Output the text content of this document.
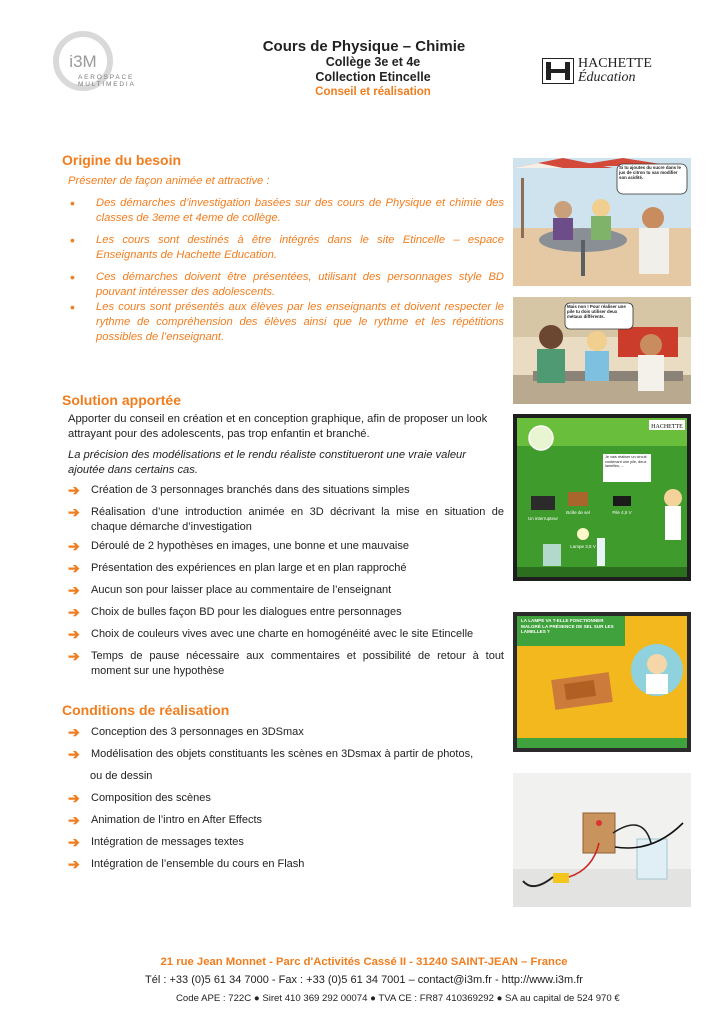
i3M
AEROSPACE
MULTIMEDIA
Cours de Physique – Chimie
Collège 3e et 4e
Collection Etincelle
Conseil et réalisation
HACHETTE
Éducation
Origine du besoin
Présenter de façon animée et attractive :
• Des démarches d’investigation basées sur des cours de Physique et chimie des classes de 3eme et 4eme de collège.
• Les cours sont destinés à être intégrés dans le site Etincelle – espace Enseignants de Hachette Education.
• Ces démarches doivent être présentées, utilisant des personnages style BD pouvant intéresser des adolescents.
• Les cours sont présentés aux élèves par les enseignants et doivent respecter le rythme de compréhension des élèves ainsi que le rythme et les répétitions possibles de l’enseignant.
Si tu ajoutes du sucre dans le jus de citron tu vas modifier son acidité.
Mais non ! Pour réaliser une pile tu dois utiliser deux métaux différents.
Solution apportée
Apporter du conseil en création et en conception graphique, afin de proposer un look attrayant pour des adolescents, pas trop enfantin et branché.
La précision des modélisations et le rendu réaliste constitueront une vraie valeur ajoutée dans certains cas.
➔ Création de 3 personnages branchés dans des situations simples
➔ Réalisation d’une introduction animée en 3D décrivant la mise en situation de chaque démarche d’investigation
➔ Déroulé de 2 hypothèses en images, une bonne et une mauvaise
➔ Présentation des expériences en plan large et en plan rapproché
➔ Aucun son pour laisser place au commentaire de l’enseignant
➔ Choix de bulles façon BD pour les dialogues entre personnages
➔ Choix de couleurs vives avec une charte en homogénéité avec le site Etincelle
➔ Temps de pause nécessaire aux commentaires et possibilité de retour à tout moment sur une hypothèse
HACHETTE
Je vais réaliser un circuit contenant une pile, deux lamelles, ...
Un interrupteur
Boîte de sel	Pile 4,5 V
Lampe 3,5 V
LA LAMPE VA T-ELLE FONCTIONNER MALGRÉ LA PRÉSENCE DE SEL SUR LES LAMELLES ?
Conditions de réalisation
➔ Conception des 3 personnages en 3DSmax
➔ Modélisation des objets constituants les scènes en 3Dsmax à partir de photos,
ou de dessin
➔ Composition des scènes
➔ Animation de l’intro en After Effects
➔ Intégration de messages textes
➔ Intégration de l’ensemble du cours en Flash
21 rue Jean Monnet - Parc d'Activités Cassé II - 31240 SAINT-JEAN – France
Tél : +33 (0)5 61 34 7000 - Fax : +33 (0)5 61 34 7001 – contact@i3m.fr - http://www.i3m.fr
Code APE : 722C ● Siret 410 369 292 00074 ● TVA CE : FR87 410369292 ● SA au capital de 524 970 €
